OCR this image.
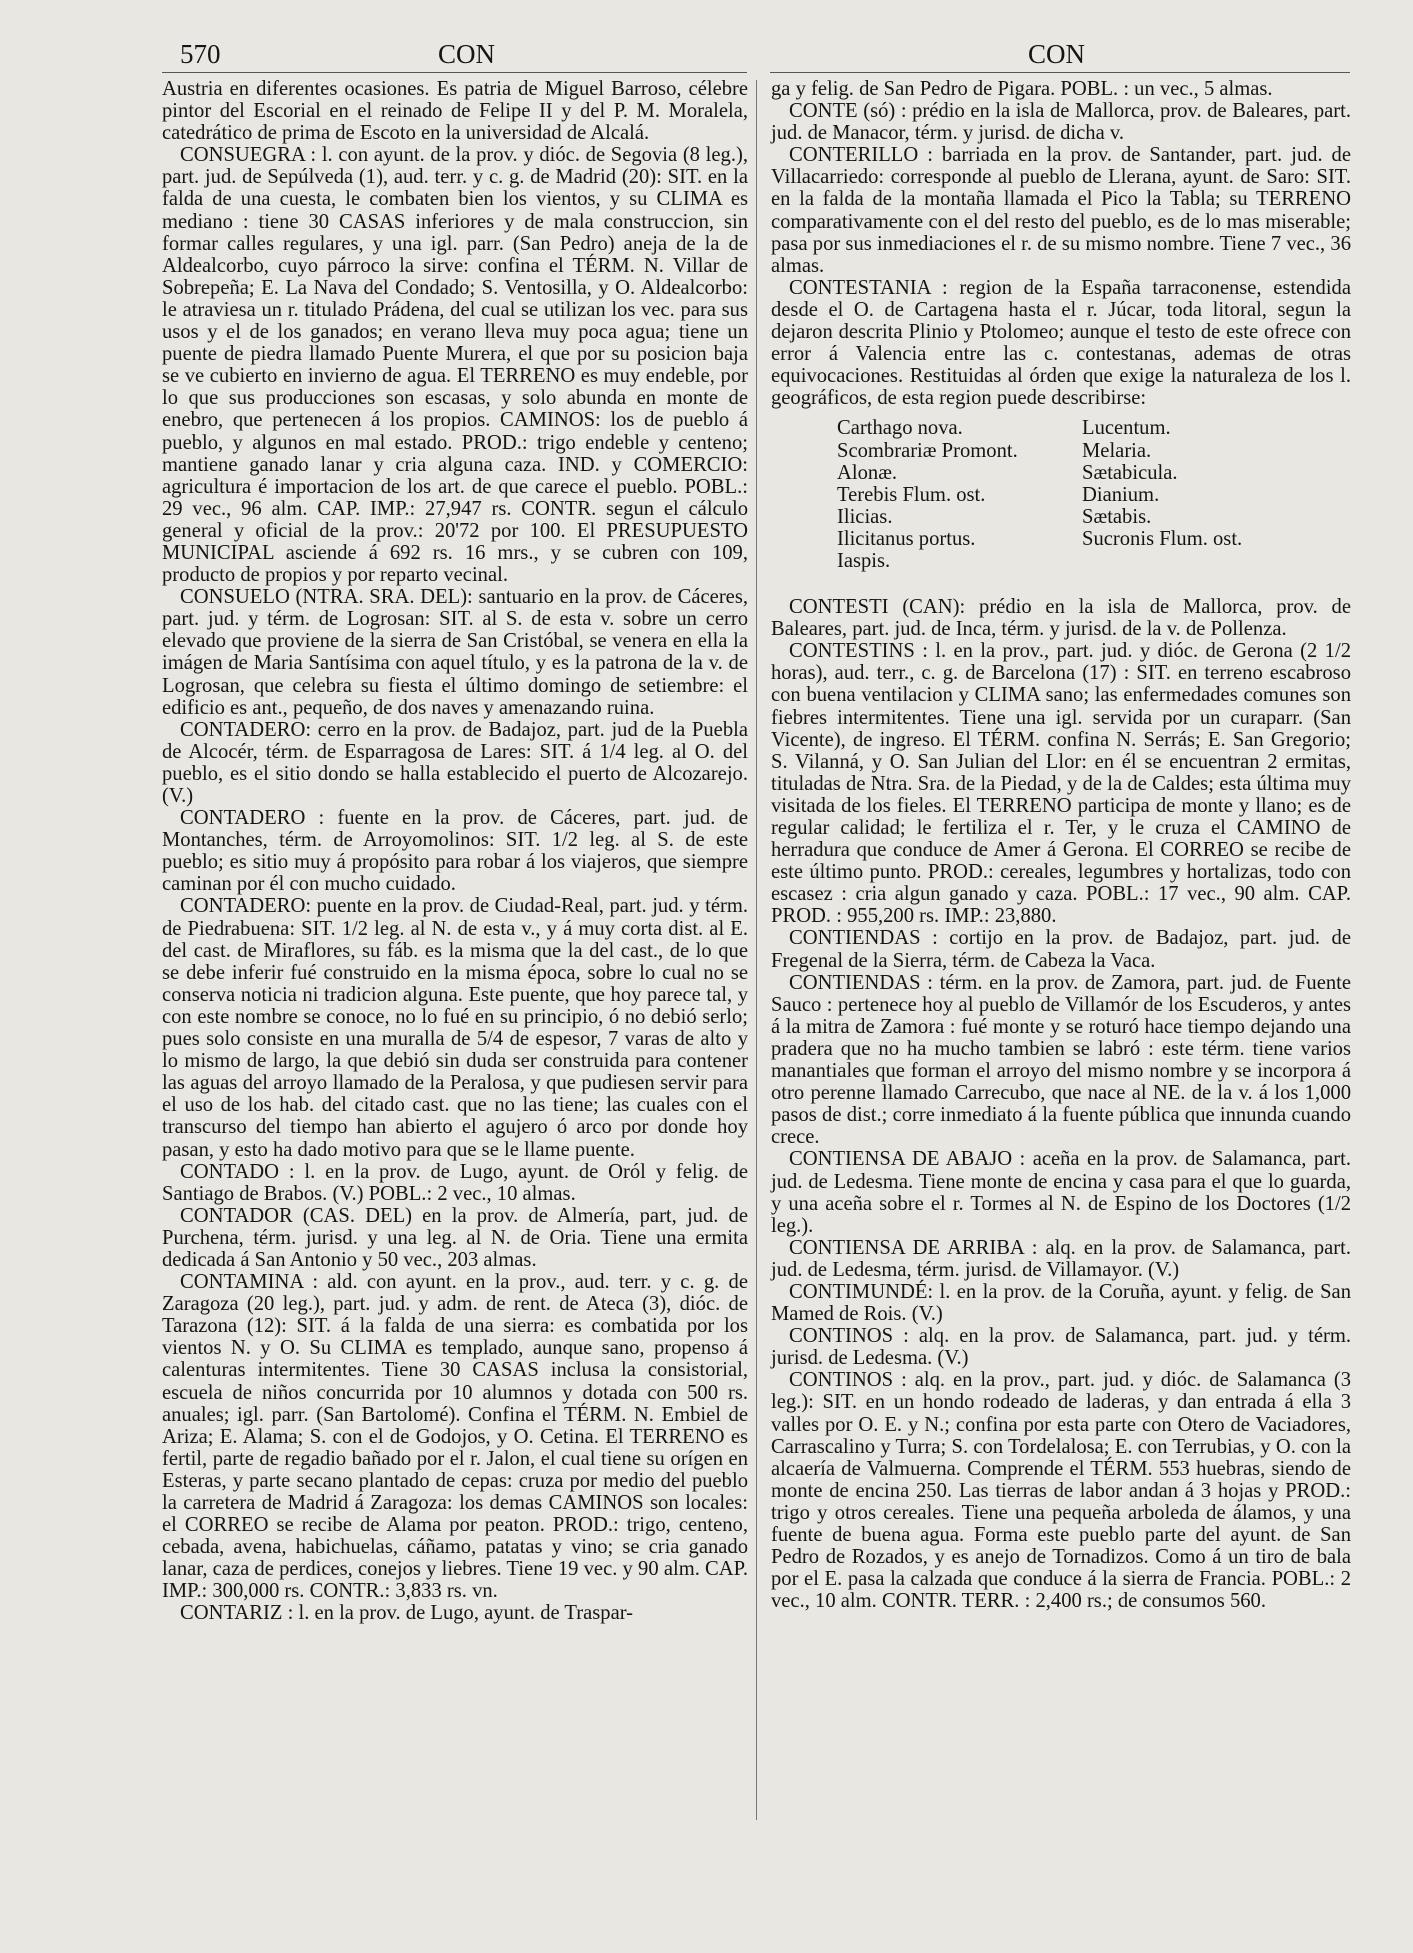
570	CON	CON

Austria en diferentes ocasiones. Es patria de Miguel Barroso, célebre pintor del Escorial en el reinado de Felipe II y del P. M. Moralela, catedrático de prima de Escoto en la universidad de Alcalá.

CONSUEGRA : l. con ayunt. de la prov. y dióc. de Segovia (8 leg.), part. jud. de Sepúlveda (1), aud. terr. y c. g. de Madrid (20): SIT. en la falda de una cuesta, le combaten bien los vientos, y su CLIMA es mediano : tiene 30 CASAS inferiores y de mala construccion, sin formar calles regulares, y una igl. parr. (San Pedro) aneja de la de Aldealcorbo, cuyo párroco la sirve: confina el TÉRM. N. Villar de Sobrepeña; E. La Nava del Condado; S. Ventosilla, y O. Aldealcorbo: le atraviesa un r. titulado Prádena, del cual se utilizan los vec. para sus usos y el de los ganados; en verano lleva muy poca agua; tiene un puente de piedra llamado Puente Murera, el que por su posicion baja se ve cubierto en invierno de agua. El TERRENO es muy endeble, por lo que sus producciones son escasas, y solo abunda en monte de enebro, que pertenecen á los propios. CAMINOS: los de pueblo á pueblo, y algunos en mal estado. PROD.: trigo endeble y centeno; mantiene ganado lanar y cria alguna caza. IND. y COMERCIO: agricultura é importacion de los art. de que carece el pueblo. POBL.: 29 vec., 96 alm. CAP. IMP.: 27,947 rs. CONTR. segun el cálculo general y oficial de la prov.: 20'72 por 100. El PRESUPUESTO MUNICIPAL asciende á 692 rs. 16 mrs., y se cubren con 109, producto de propios y por reparto vecinal.

CONSUELO (NTRA. SRA. DEL): santuario en la prov. de Cáceres, part. jud. y térm. de Logrosan: SIT. al S. de esta v. sobre un cerro elevado que proviene de la sierra de San Cristóbal, se venera en ella la imágen de Maria Santísima con aquel título, y es la patrona de la v. de Logrosan, que celebra su fiesta el último domingo de setiembre: el edificio es ant., pequeño, de dos naves y amenazando ruina.

CONTADERO: cerro en la prov. de Badajoz, part. jud de la Puebla de Alcocér, térm. de Esparragosa de Lares: SIT. á 1/4 leg. al O. del pueblo, es el sitio dondo se halla establecido el puerto de Alcozarejo. (V.)

CONTADERO : fuente en la prov. de Cáceres, part. jud. de Montanches, térm. de Arroyomolinos: SIT. 1/2 leg. al S. de este pueblo; es sitio muy á propósito para robar á los viajeros, que siempre caminan por él con mucho cuidado.

CONTADERO: puente en la prov. de Ciudad-Real, part. jud. y térm. de Piedrabuena: SIT. 1/2 leg. al N. de esta v., y á muy corta dist. al E. del cast. de Miraflores, su fáb. es la misma que la del cast., de lo que se debe inferir fué construido en la misma época, sobre lo cual no se conserva noticia ni tradicion alguna. Este puente, que hoy parece tal, y con este nombre se conoce, no lo fué en su principio, ó no debió serlo; pues solo consiste en una muralla de 5/4 de espesor, 7 varas de alto y lo mismo de largo, la que debió sin duda ser construida para contener las aguas del arroyo llamado de la Peralosa, y que pudiesen servir para el uso de los hab. del citado cast. que no las tiene; las cuales con el transcurso del tiempo han abierto el agujero ó arco por donde hoy pasan, y esto ha dado motivo para que se le llame puente.

CONTADO : l. en la prov. de Lugo, ayunt. de Oról y felig. de Santiago de Brabos. (V.) POBL.: 2 vec., 10 almas.

CONTADOR (CAS. DEL) en la prov. de Almería, part, jud. de Purchena, térm. jurisd. y una leg. al N. de Oria. Tiene una ermita dedicada á San Antonio y 50 vec., 203 almas.

CONTAMINA : ald. con ayunt. en la prov., aud. terr. y c. g. de Zaragoza (20 leg.), part. jud. y adm. de rent. de Ateca (3), dióc. de Tarazona (12): SIT. á la falda de una sierra: es combatida por los vientos N. y O. Su CLIMA es templado, aunque sano, propenso á calenturas intermitentes. Tiene 30 CASAS inclusa la consistorial, escuela de niños concurrida por 10 alumnos y dotada con 500 rs. anuales; igl. parr. (San Bartolomé). Confina el TÉRM. N. Embiel de Ariza; E. Alama; S. con el de Godojos, y O. Cetina. El TERRENO es fertil, parte de regadio bañado por el r. Jalon, el cual tiene su orígen en Esteras, y parte secano plantado de cepas: cruza por medio del pueblo la carretera de Madrid á Zaragoza: los demas CAMINOS son locales: el CORREO se recibe de Alama por peaton. PROD.: trigo, centeno, cebada, avena, habichuelas, cáñamo, patatas y vino; se cria ganado lanar, caza de perdices, conejos y liebres. Tiene 19 vec. y 90 alm. CAP. IMP.: 300,000 rs. CONTR.: 3,833 rs. vn.

CONTARIZ : l. en la prov. de Lugo, ayunt. de Traspar-

ga y felig. de San Pedro de Pigara. POBL. : un vec., 5 almas.

CONTE (só) : prédio en la isla de Mallorca, prov. de Baleares, part. jud. de Manacor, térm. y jurisd. de dicha v.

CONTERILLO : barriada en la prov. de Santander, part. jud. de Villacarriedo: corresponde al pueblo de Llerana, ayunt. de Saro: SIT. en la falda de la montaña llamada el Pico la Tabla; su TERRENO comparativamente con el del resto del pueblo, es de lo mas miserable; pasa por sus inmediaciones el r. de su mismo nombre. Tiene 7 vec., 36 almas.

CONTESTANIA : region de la España tarraconense, estendida desde el O. de Cartagena hasta el r. Júcar, toda litoral, segun la dejaron descrita Plinio y Ptolomeo; aunque el testo de este ofrece con error á Valencia entre las c. contestanas, ademas de otras equivocaciones. Restituidas al órden que exige la naturaleza de los l. geográficos, de esta region puede describirse:

Carthago nova.
Scombrariæ Promont.
Alonæ.
Terebis Flum. ost.
Ilicias.
Ilicitanus portus.
Iaspis.
Lucentum.
Melaria.
Sætabicula.
Dianium.
Sætabis.
Sucronis Flum. ost.

CONTESTI (CAN): prédio en la isla de Mallorca, prov. de Baleares, part. jud. de Inca, térm. y jurisd. de la v. de Pollenza.

CONTESTINS : l. en la prov., part. jud. y dióc. de Gerona (2 1/2 horas), aud. terr., c. g. de Barcelona (17) : SIT. en terreno escabroso con buena ventilacion y CLIMA sano; las enfermedades comunes son fiebres intermitentes. Tiene una igl. servida por un curaparr. (San Vicente), de ingreso. El TÉRM. confina N. Serrás; E. San Gregorio; S. Vilanná, y O. San Julian del Llor: en él se encuentran 2 ermitas, tituladas de Ntra. Sra. de la Piedad, y de la de Caldes; esta última muy visitada de los fieles. El TERRENO participa de monte y llano; es de regular calidad; le fertiliza el r. Ter, y le cruza el CAMINO de herradura que conduce de Amer á Gerona. El CORREO se recibe de este último punto. PROD.: cereales, legumbres y hortalizas, todo con escasez : cria algun ganado y caza. POBL.: 17 vec., 90 alm. CAP. PROD. : 955,200 rs. IMP.: 23,880.

CONTIENDAS : cortijo en la prov. de Badajoz, part. jud. de Fregenal de la Sierra, térm. de Cabeza la Vaca.

CONTIENDAS : térm. en la prov. de Zamora, part. jud. de Fuente Sauco : pertenece hoy al pueblo de Villamór de los Escuderos, y antes á la mitra de Zamora : fué monte y se roturó hace tiempo dejando una pradera que no ha mucho tambien se labró : este térm. tiene varios manantiales que forman el arroyo del mismo nombre y se incorpora á otro perenne llamado Carrecubo, que nace al NE. de la v. á los 1,000 pasos de dist.; corre inmediato á la fuente pública que innunda cuando crece.

CONTIENSA DE ABAJO : aceña en la prov. de Salamanca, part. jud. de Ledesma. Tiene monte de encina y casa para el que lo guarda, y una aceña sobre el r. Tormes al N. de Espino de los Doctores (1/2 leg.).

CONTIENSA DE ARRIBA : alq. en la prov. de Salamanca, part. jud. de Ledesma, térm. jurisd. de Villamayor. (V.)

CONTIMUNDÉ: l. en la prov. de la Coruña, ayunt. y felig. de San Mamed de Rois. (V.)

CONTINOS : alq. en la prov. de Salamanca, part. jud. y térm. jurisd. de Ledesma. (V.)

CONTINOS : alq. en la prov., part. jud. y dióc. de Salamanca (3 leg.): SIT. en un hondo rodeado de laderas, y dan entrada á ella 3 valles por O. E. y N.; confina por esta parte con Otero de Vaciadores, Carrascalino y Turra; S. con Tordelalosa; E. con Terrubias, y O. con la alcaería de Valmuerna. Comprende el TÉRM. 553 huebras, siendo de monte de encina 250. Las tierras de labor andan á 3 hojas y PROD.: trigo y otros cereales. Tiene una pequeña arboleda de álamos, y una fuente de buena agua. Forma este pueblo parte del ayunt. de San Pedro de Rozados, y es anejo de Tornadizos. Como á un tiro de bala por el E. pasa la calzada que conduce á la sierra de Francia. POBL.: 2 vec., 10 alm. CONTR. TERR. : 2,400 rs.; de consumos 560.
